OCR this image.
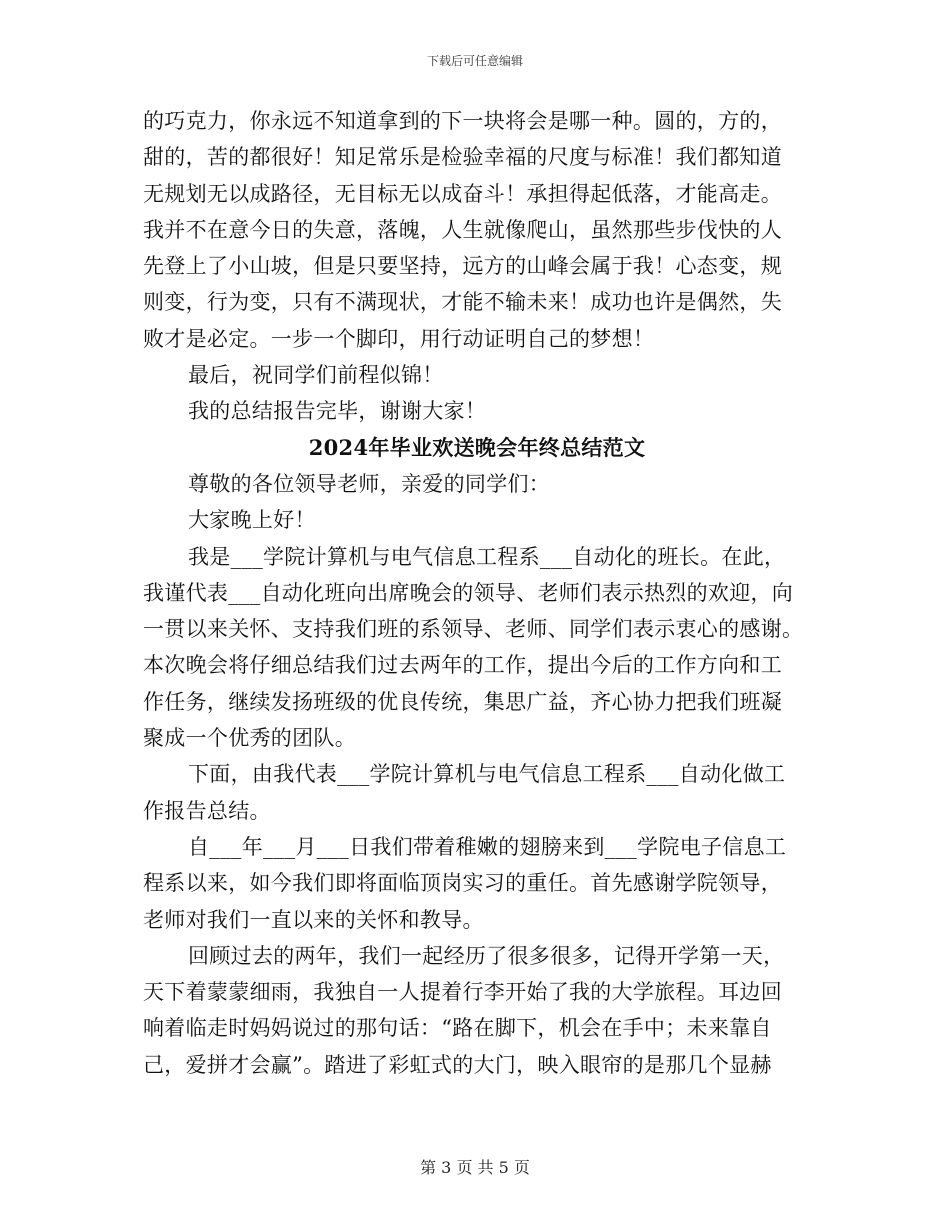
下载后可任意编辑
的巧克力，你永远不知道拿到的下一块将会是哪一种。圆的，方的，
甜的，苦的都很好！知足常乐是检验幸福的尺度与标准！我们都知道
无规划无以成路径，无目标无以成奋斗！承担得起低落，才能高走。
我并不在意今日的失意，落魄，人生就像爬山，虽然那些步伐快的人
先登上了小山坡，但是只要坚持，远方的山峰会属于我！心态变，规
则变，行为变，只有不满现状，才能不输未来！成功也许是偶然，失
败才是必定。一步一个脚印，用行动证明自己的梦想！
最后，祝同学们前程似锦！
我的总结报告完毕，谢谢大家！
2024年毕业欢送晚会年终总结范文
尊敬的各位领导老师，亲爱的同学们：
大家晚上好！
我是___学院计算机与电气信息工程系___自动化的班长。在此，
我谨代表___自动化班向出席晚会的领导、老师们表示热烈的欢迎，向
一贯以来关怀、支持我们班的系领导、老师、同学们表示衷心的感谢。
本次晚会将仔细总结我们过去两年的工作，提出今后的工作方向和工
作任务，继续发扬班级的优良传统，集思广益，齐心协力把我们班凝
聚成一个优秀的团队。
下面，由我代表___学院计算机与电气信息工程系___自动化做工
作报告总结。
自___年___月___日我们带着稚嫩的翅膀来到___学院电子信息工
程系以来，如今我们即将面临顶岗实习的重任。首先感谢学院领导，
老师对我们一直以来的关怀和教导。
回顾过去的两年，我们一起经历了很多很多，记得开学第一天，
天下着蒙蒙细雨，我独自一人提着行李开始了我的大学旅程。耳边回
响着临走时妈妈说过的那句话：“路在脚下，机会在手中；未来靠自
己，爱拼才会赢”。踏进了彩虹式的大门，映入眼帘的是那几个显赫
第 3 页 共 5 页
